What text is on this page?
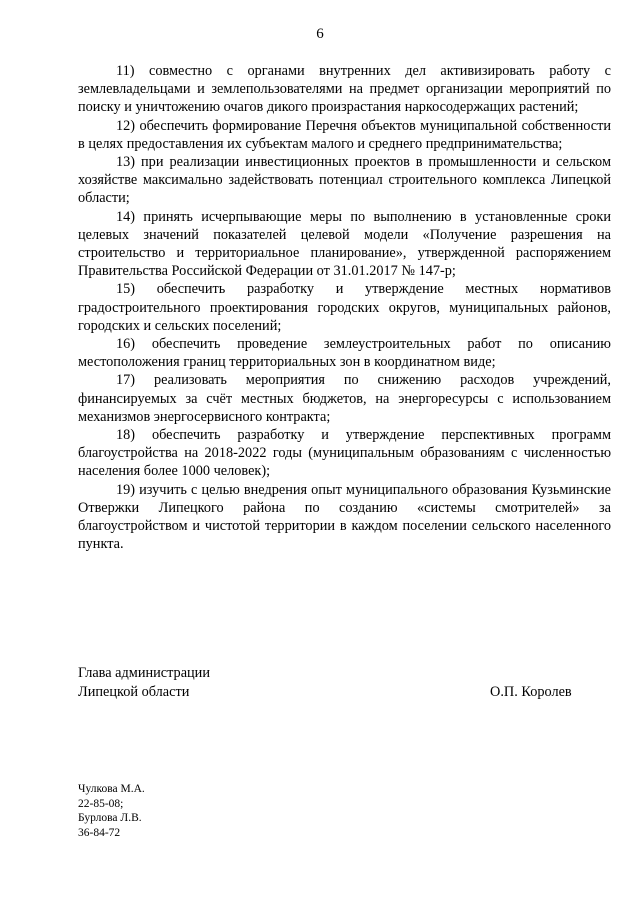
6

11) совместно с органами внутренних дел активизировать работу с землевладельцами и землепользователями на предмет организации мероприятий по поиску и уничтожению очагов дикого произрастания наркосодержащих растений;

12) обеспечить формирование Перечня объектов муниципальной собственности в целях предоставления их субъектам малого и среднего предпринимательства;

13) при реализации инвестиционных проектов в промышленности и сельском хозяйстве максимально задействовать потенциал строительного комплекса Липецкой области;

14) принять исчерпывающие меры по выполнению в установленные сроки целевых значений показателей целевой модели «Получение разрешения на строительство и территориальное планирование», утвержденной распоряжением Правительства Российской Федерации от 31.01.2017 № 147-р;

15) обеспечить разработку и утверждение местных нормативов градостроительного проектирования городских округов, муниципальных районов, городских и сельских поселений;

16) обеспечить проведение землеустроительных работ по описанию местоположения границ территориальных зон в координатном виде;

17) реализовать мероприятия по снижению расходов учреждений, финансируемых за счёт местных бюджетов, на энергоресурсы с использованием механизмов энергосервисного контракта;

18) обеспечить разработку и утверждение перспективных программ благоустройства на 2018-2022 годы (муниципальным образованиям с численностью населения более 1000 человек);

19) изучить с целью внедрения опыт муниципального образования Кузьминские Отвержки Липецкого района по созданию «системы смотрителей» за благоустройством и чистотой территории в каждом поселении сельского населенного пункта.

Глава администрации
Липецкой области	О.П. Королев
Чулкова М.А.
22-85-08;
Бурлова Л.В.
36-84-72
